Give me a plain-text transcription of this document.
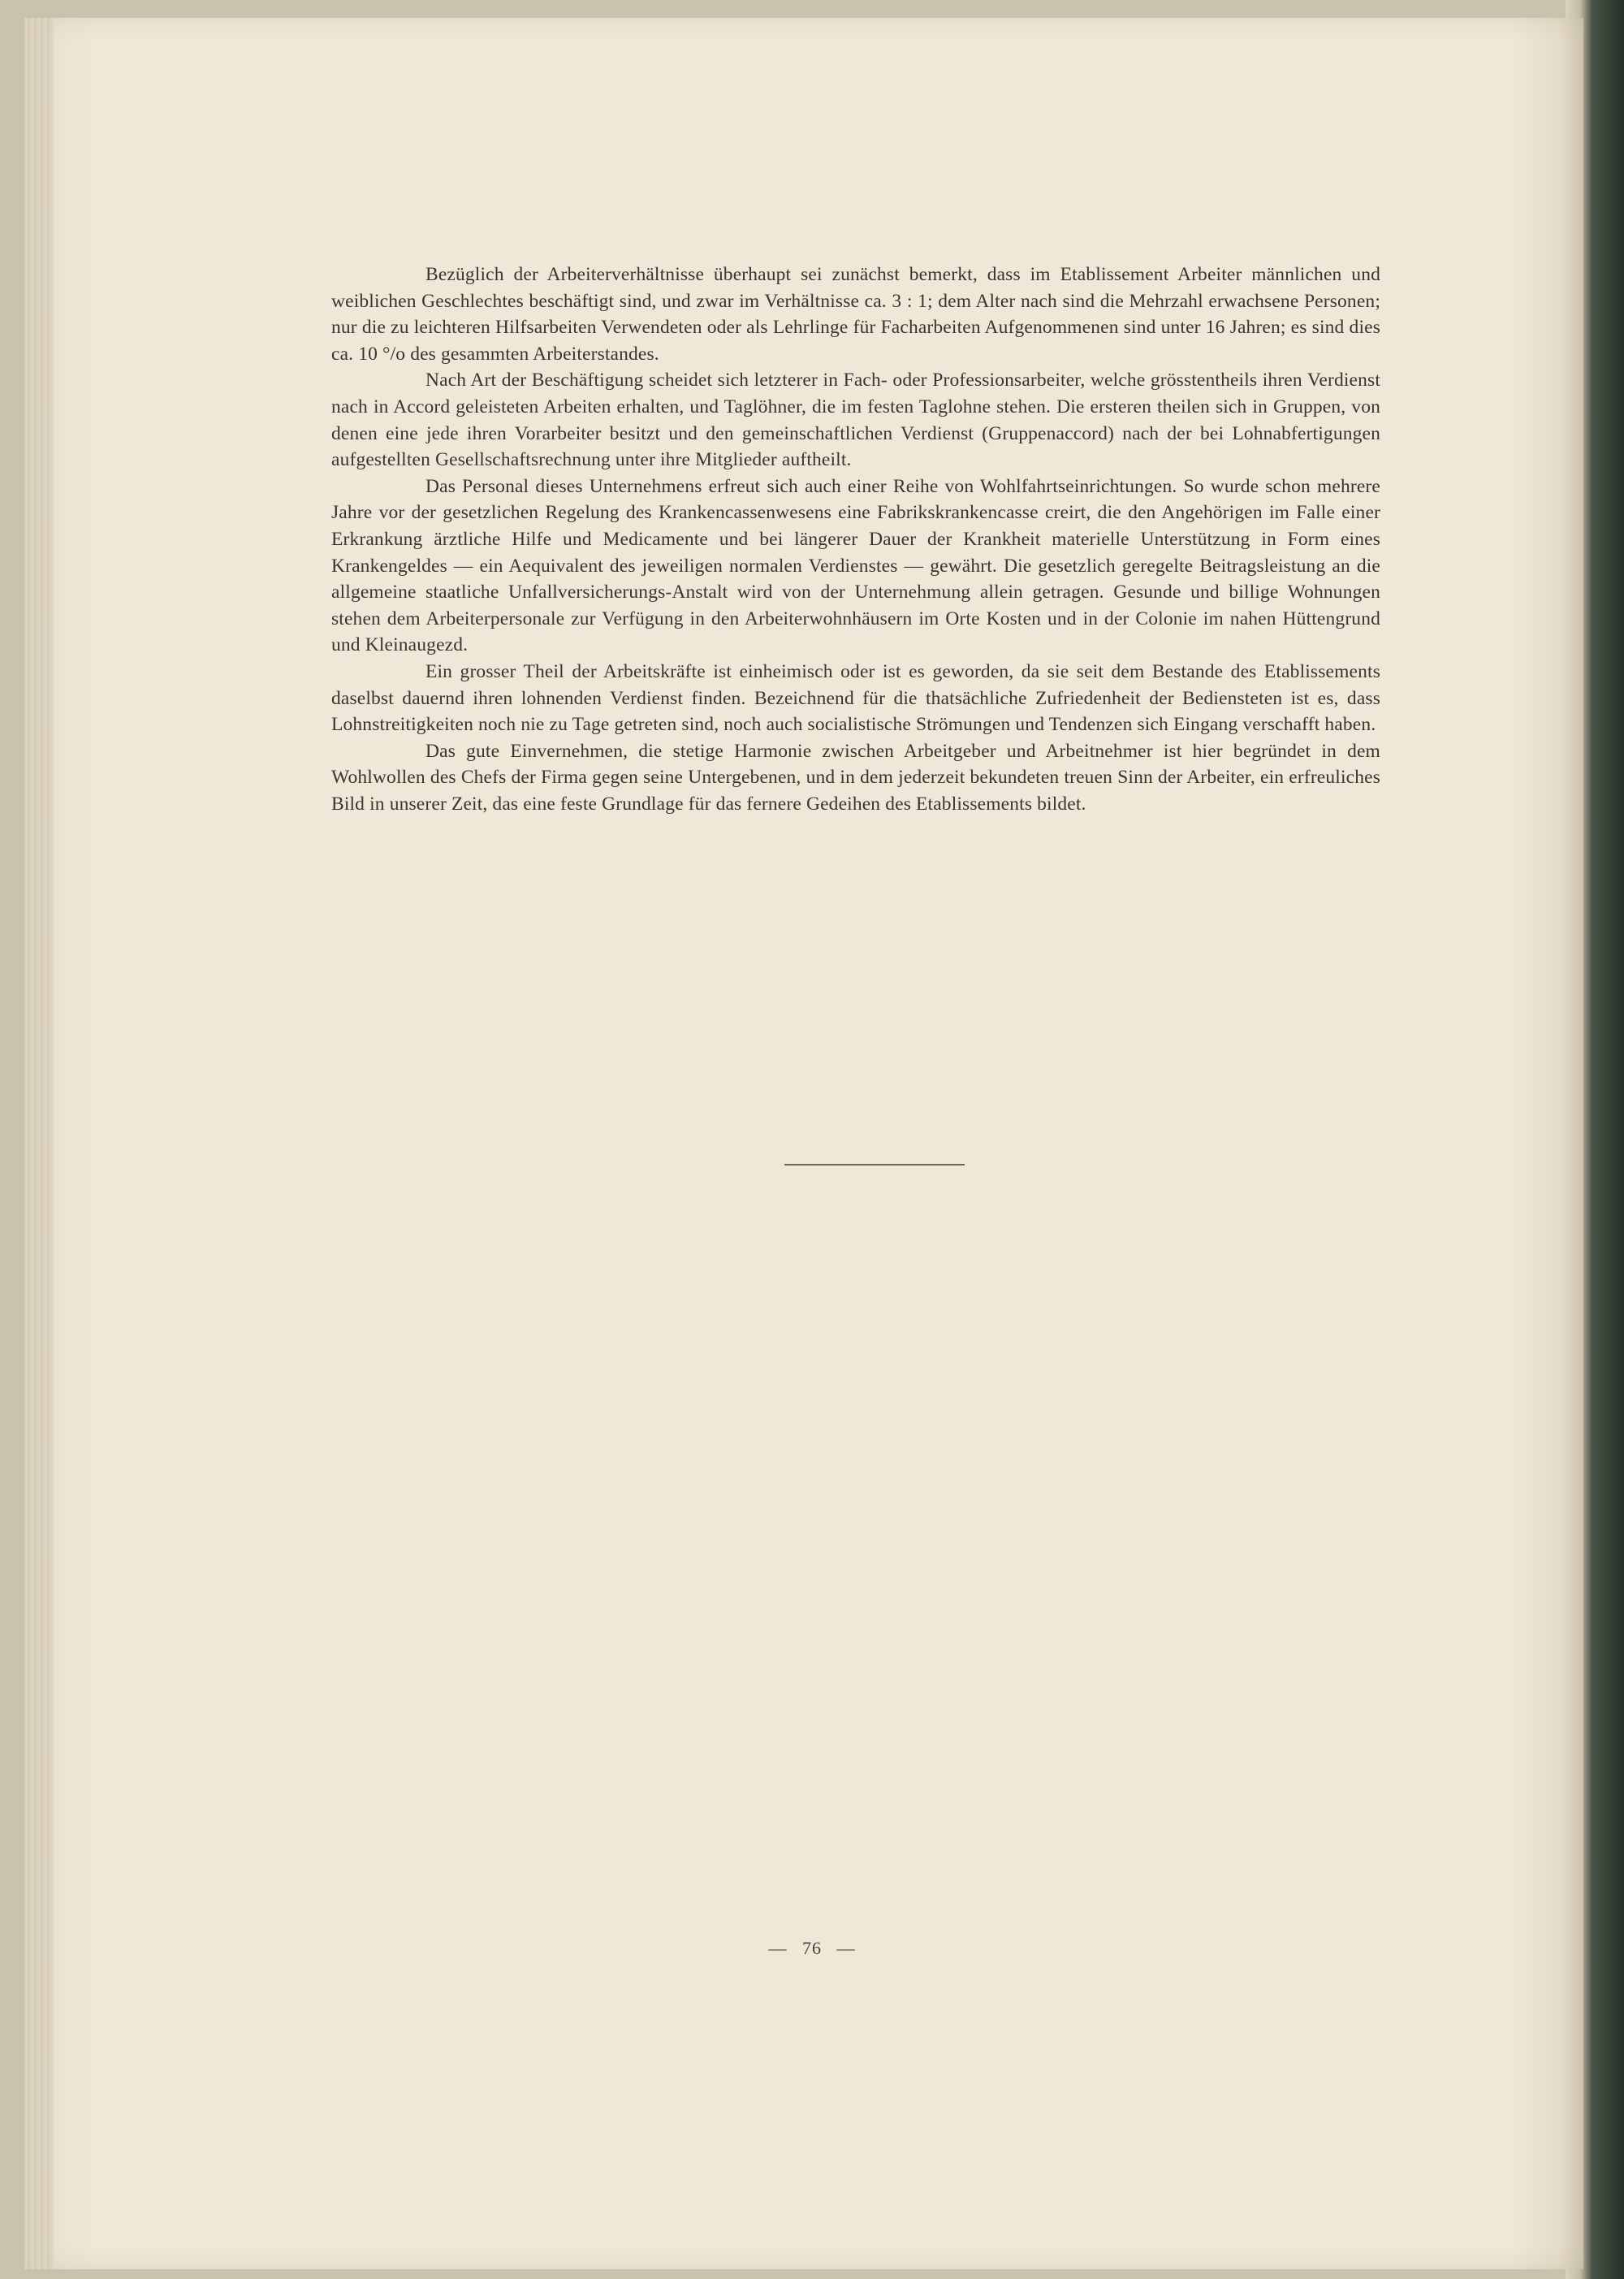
Bezüglich der Arbeiterverhältnisse überhaupt sei zunächst bemerkt, dass im Etablissement Arbeiter männlichen und weiblichen Geschlechtes beschäftigt sind, und zwar im Verhältnisse ca. 3 : 1; dem Alter nach sind die Mehrzahl erwachsene Personen; nur die zu leichteren Hilfsarbeiten Verwendeten oder als Lehrlinge für Facharbeiten Aufgenommenen sind unter 16 Jahren; es sind dies ca. 10 °/o des gesammten Arbeiterstandes.

Nach Art der Beschäftigung scheidet sich letzterer in Fach- oder Professionsarbeiter, welche grösstentheils ihren Verdienst nach in Accord geleisteten Arbeiten erhalten, und Taglöhner, die im festen Taglohne stehen. Die ersteren theilen sich in Gruppen, von denen eine jede ihren Vorarbeiter besitzt und den gemeinschaftlichen Verdienst (Gruppenaccord) nach der bei Lohnabfertigungen aufgestellten Gesellschaftsrechnung unter ihre Mitglieder auftheilt.

Das Personal dieses Unternehmens erfreut sich auch einer Reihe von Wohlfahrtseinrichtungen. So wurde schon mehrere Jahre vor der gesetzlichen Regelung des Krankencassenwesens eine Fabrikskrankencasse creirt, die den Angehörigen im Falle einer Erkrankung ärztliche Hilfe und Medicamente und bei längerer Dauer der Krankheit materielle Unterstützung in Form eines Krankengeldes — ein Aequivalent des jeweiligen normalen Verdienstes — gewährt. Die gesetzlich geregelte Beitragsleistung an die allgemeine staatliche Unfallversicherungs-Anstalt wird von der Unternehmung allein getragen. Gesunde und billige Wohnungen stehen dem Arbeiterpersonale zur Verfügung in den Arbeiterwohnhäusern im Orte Kosten und in der Colonie im nahen Hüttengrund und Kleinaugezd.

Ein grosser Theil der Arbeitskräfte ist einheimisch oder ist es geworden, da sie seit dem Bestande des Etablissements daselbst dauernd ihren lohnenden Verdienst finden. Bezeichnend für die thatsächliche Zufriedenheit der Bediensteten ist es, dass Lohnstreitigkeiten noch nie zu Tage getreten sind, noch auch socialistische Strömungen und Tendenzen sich Eingang verschafft haben.

Das gute Einvernehmen, die stetige Harmonie zwischen Arbeitgeber und Arbeitnehmer ist hier begründet in dem Wohlwollen des Chefs der Firma gegen seine Untergebenen, und in dem jederzeit bekundeten treuen Sinn der Arbeiter, ein erfreuliches Bild in unserer Zeit, das eine feste Grundlage für das fernere Gedeihen des Etablissements bildet.

— 76 —
